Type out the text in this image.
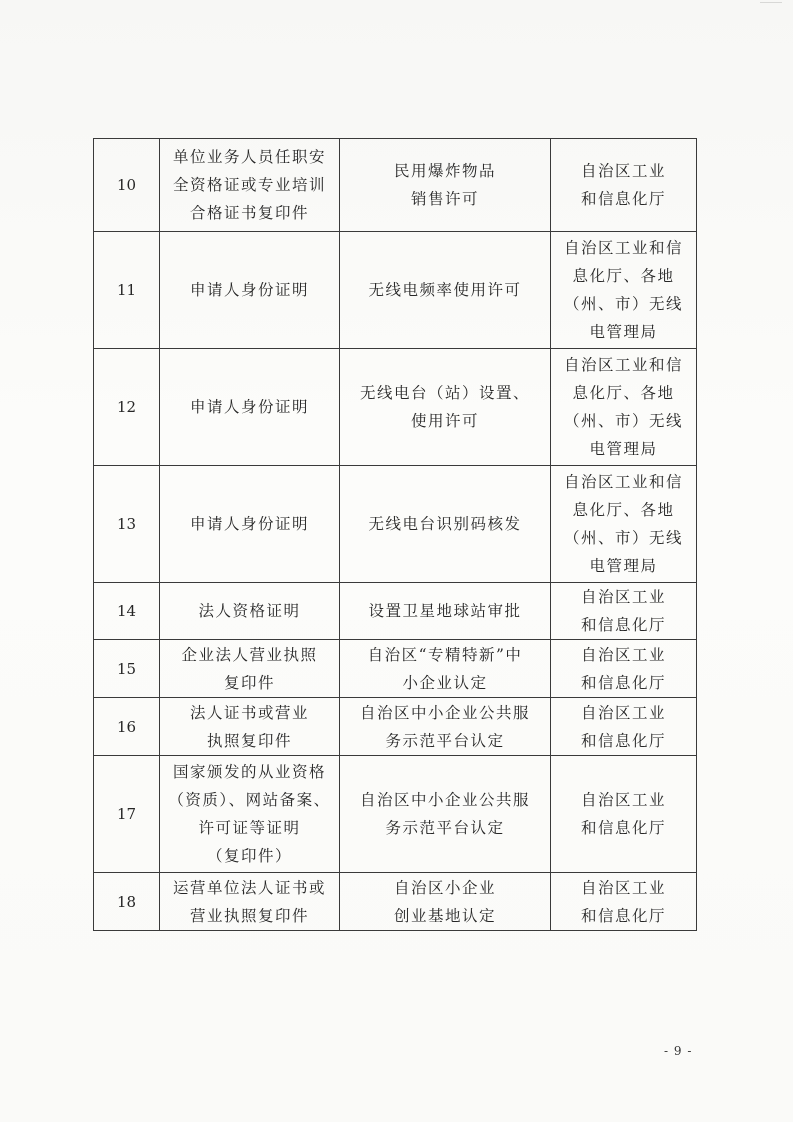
10	单位业务人员任职安
全资格证或专业培训
合格证书复印件	民用爆炸物品
销售许可	自治区工业
和信息化厅
11	申请人身份证明	无线电频率使用许可	自治区工业和信
息化厅、各地
（州、市）无线
电管理局
12	申请人身份证明	无线电台（站）设置、
使用许可	自治区工业和信
息化厅、各地
（州、市）无线
电管理局
13	申请人身份证明	无线电台识别码核发	自治区工业和信
息化厅、各地
（州、市）无线
电管理局
14	法人资格证明	设置卫星地球站审批	自治区工业
和信息化厅
15	企业法人营业执照
复印件	自治区“专精特新”中
小企业认定	自治区工业
和信息化厅
16	法人证书或营业
执照复印件	自治区中小企业公共服
务示范平台认定	自治区工业
和信息化厅
17	国家颁发的从业资格
（资质）、网站备案、
许可证等证明
（复印件）	自治区中小企业公共服
务示范平台认定	自治区工业
和信息化厅
18	运营单位法人证书或
营业执照复印件	自治区小企业
创业基地认定	自治区工业
和信息化厅
- 9 -
